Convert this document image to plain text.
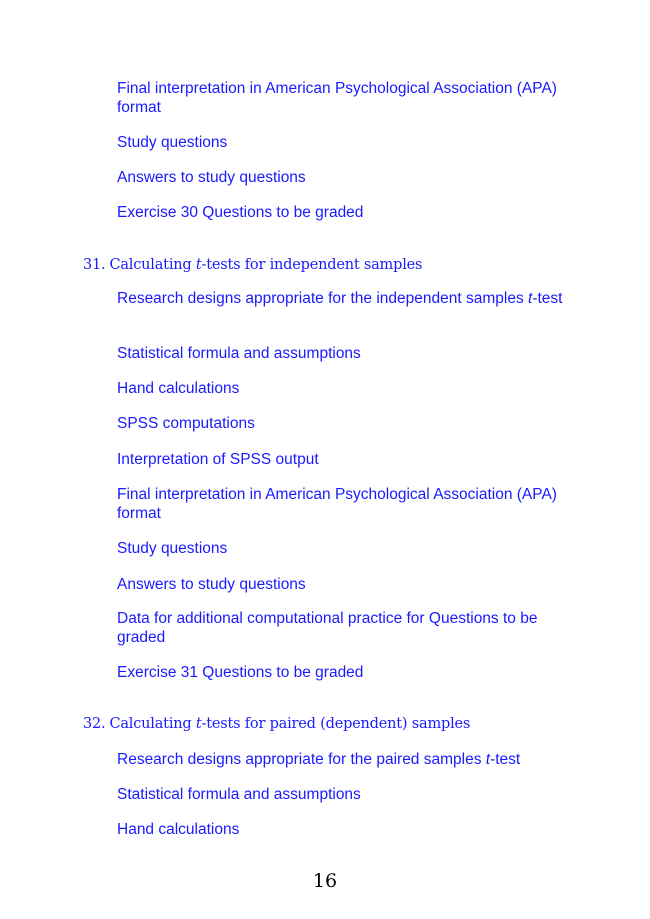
Final interpretation in American Psychological Association (APA) format
Study questions
Answers to study questions
Exercise 30 Questions to be graded
31. Calculating t-tests for independent samples
Research designs appropriate for the independent samples t-test
Statistical formula and assumptions
Hand calculations
SPSS computations
Interpretation of SPSS output
Final interpretation in American Psychological Association (APA) format
Study questions
Answers to study questions
Data for additional computational practice for Questions to be graded
Exercise 31 Questions to be graded
32. Calculating t-tests for paired (dependent) samples
Research designs appropriate for the paired samples t-test
Statistical formula and assumptions
Hand calculations
16
